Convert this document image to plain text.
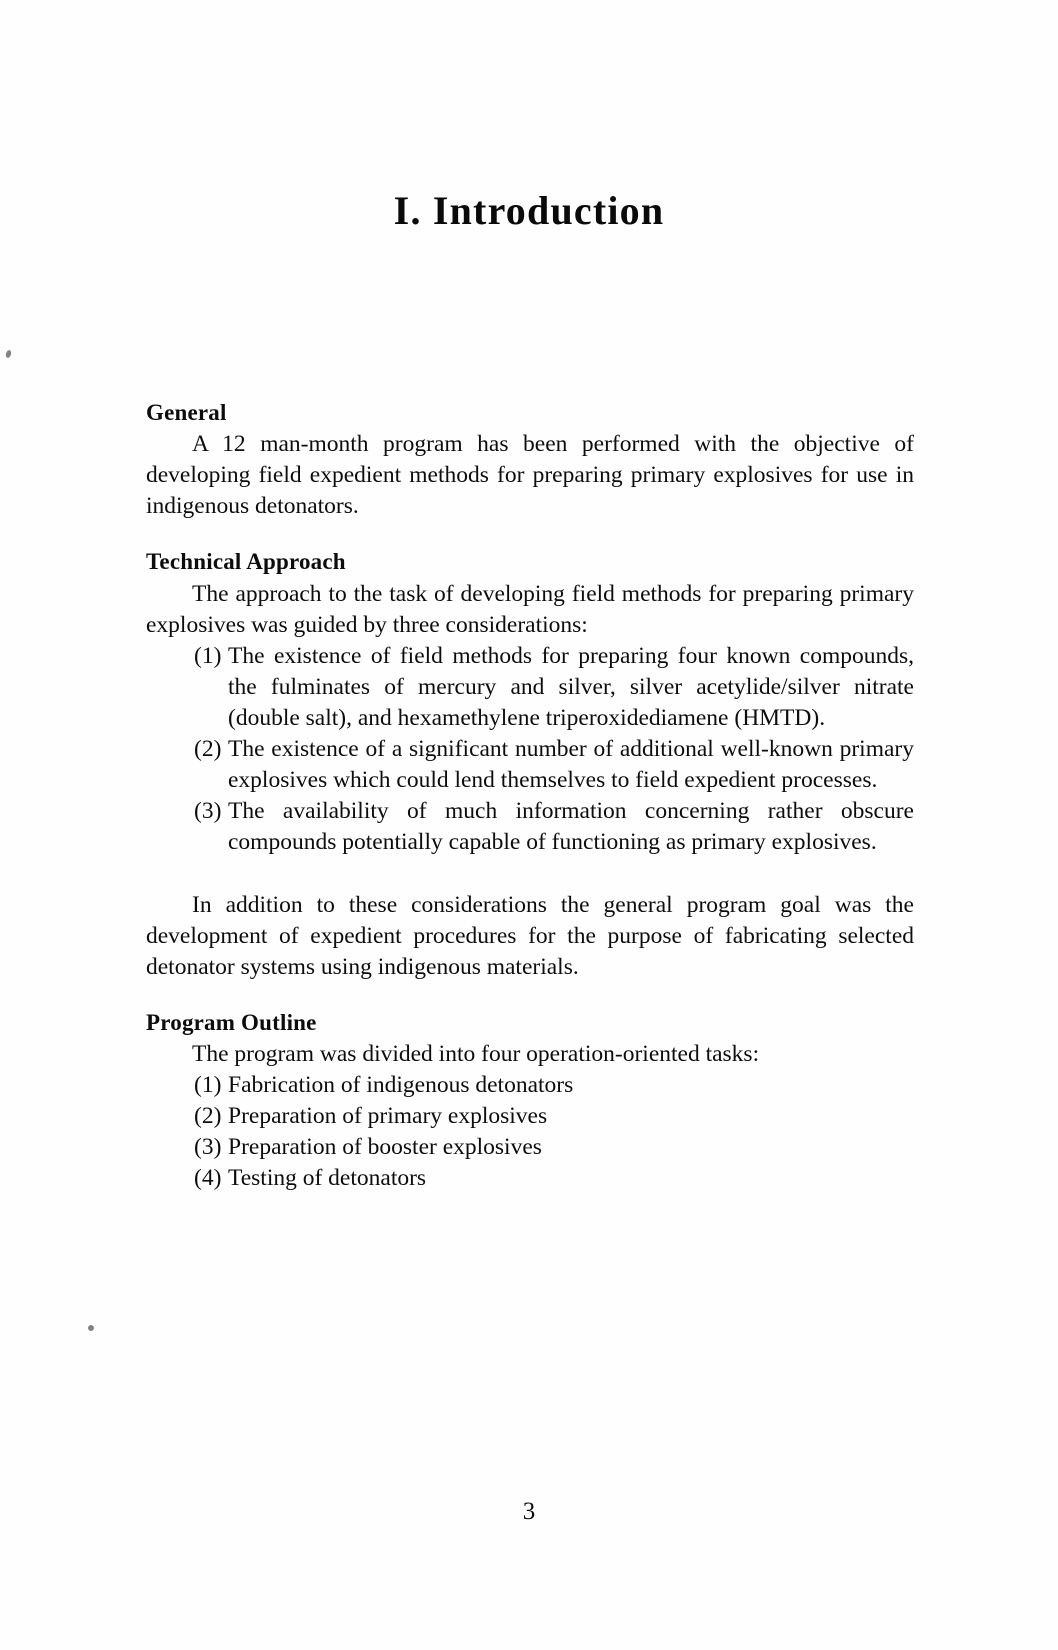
I. Introduction
General

A 12 man-month program has been performed with the objective of developing field expedient methods for preparing primary explosives for use in indigenous detonators.

Technical Approach

The approach to the task of developing field methods for preparing primary explosives was guided by three considerations:

(1) The existence of field methods for preparing four known compounds, the fulminates of mercury and silver, silver acetylide/silver nitrate (double salt), and hexamethylene triperoxidediamene (HMTD).
(2) The existence of a significant number of additional well-known primary explosives which could lend themselves to field expedient processes.
(3) The availability of much information concerning rather obscure compounds potentially capable of functioning as primary explosives.

In addition to these considerations the general program goal was the development of expedient procedures for the purpose of fabricating selected detonator systems using indigenous materials.

Program Outline

The program was divided into four operation-oriented tasks:

(1) Fabrication of indigenous detonators
(2) Preparation of primary explosives
(3) Preparation of booster explosives
(4) Testing of detonators
3
